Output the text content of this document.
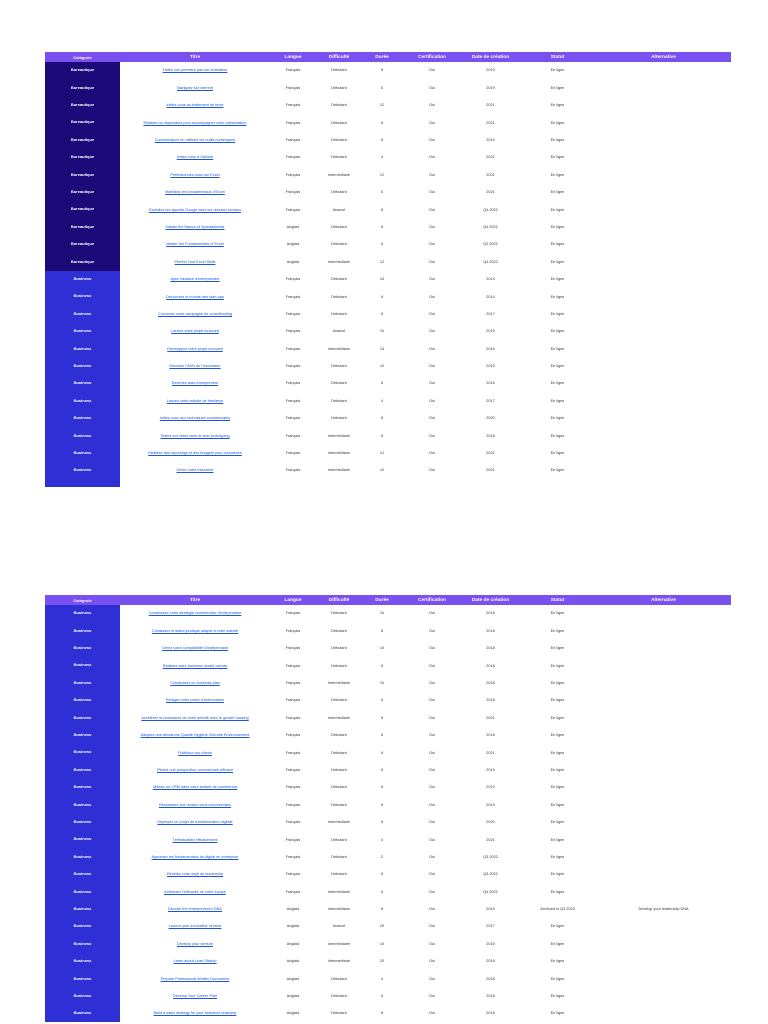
Catégorie	Titre	Langue	Difficulté	Durée	Certification	Date de création	Statut	Alternative
Bureautique	Faites vos premiers pas sur ordinateur	Français	Débutant	6	Oui	2019	En ligne
Bureautique	Naviguez sur Internet	Français	Débutant	6	Oui	2019	En ligne
Bureautique	Initiez-vous au traitement de texte	Français	Débutant	12	Oui	2021	En ligne
Bureautique	Réalisez un diaporama pour accompagner votre présentation	Français	Débutant	6	Oui	2021	En ligne
Bureautique	Communiquez en utilisant les outils numériques	Français	Débutant	8	Oui	2019	En ligne
Bureautique	Initiez-vous à Outlook	Français	Débutant	4	Oui	2021	En ligne
Bureautique	Perfectionnez-vous sur Excel	Français	Intermédiaire	12	Oui	2021	En ligne
Bureautique	Maîtrisez les fondamentaux d'Excel	Français	Débutant	6	Oui	2021	En ligne
Bureautique	Exploitez les apports Google avec les réseaux sociaux	Français	Avancé	8	Oui	Q4 2022	En ligne
Bureautique	Master the Basics of Spreadsheets	Anglais	Débutant	8	Oui	Q4 2022	En ligne
Bureautique	Master the Fundamentals of Excel	Anglais	Débutant	6	Oui	Q2 2022	En ligne
Bureautique	Perfect Your Excel Skills	Anglais	Intermédiaire	12	Oui	Q4 2022	En ligne
Business	Ayez l'audace d'entreprendre	Français	Débutant	10	Oui	2014	En ligne
Business	Découvrez le monde des start-ups	Français	Débutant	6	Oui	2014	En ligne
Business	Concevez votre campagne de crowdfunding	Français	Débutant	6	Oui	2017	En ligne
Business	Lancez votre projet innovant	Français	Avancé	10	Oui	2015	En ligne
Business	Développez votre projet innovant	Français	Intermédiaire	15	Oui	2016	En ligne
Business	Décodez l'ADN de l'innovateur	Français	Débutant	10	Oui	2015	En ligne
Business	Devenez auto-entrepreneur	Français	Débutant	6	Oui	2016	En ligne
Business	Lancez votre activité de freelance	Français	Débutant	4	Oui	2017	En ligne
Business	Initiez-vous aux techniques commerciales	Français	Débutant	8	Oui	2020	En ligne
Business	Testez vos idées avec le lean prototyping	Français	Intermédiaire	8	Oui	2018	En ligne
Business	Réalisez des reportings et des budgets pour convaincre	Français	Intermédiaire	12	Oui	2021	En ligne
Business	Gérez votre trésorerie	Français	Intermédiaire	10	Oui	2021	En ligne
Catégorie	Titre	Langue	Difficulté	Durée	Certification	Date de création	Statut	Alternative
Business	Construisez votre stratégie commerciale d'indépendant	Français	Débutant	10	Oui	2018	En ligne
Business	Choisissez le statut juridique adapté à votre activité	Français	Débutant	8	Oui	2018	En ligne
Business	Gérez votre comptabilité d'indépendant	Français	Débutant	10	Oui	2018	En ligne
Business	Réalisez votre business model canvas	Français	Débutant	6	Oui	2018	En ligne
Business	Construisez un business plan	Français	Intermédiaire	10	Oui	2018	En ligne
Business	Rédigez votre pacte d'actionnaires	Français	Débutant	6	Oui	2018	En ligne
Business	Accélérez la croissance de votre activité avec le growth hacking	Français	Intermédiaire	6	Oui	2021	En ligne
Business	Adoptez une démarche Qualité Hygiène Sécurité Environnement	Français	Débutant	6	Oui	2018	En ligne
Business	Fidélisez vos clients	Français	Débutant	6	Oui	2021	En ligne
Business	Pilotez une prospection commerciale efficace	Français	Débutant	6	Oui	2019	En ligne
Business	Utilisez un CRM dans votre activité de commercial	Français	Débutant	6	Oui	2019	En ligne
Business	Réussissez vos rendez-vous commerciaux	Français	Débutant	6	Oui	2019	En ligne
Business	Déployez un projet de transformation digitale	Français	Intermédiaire	8	Oui	2020	En ligne
Business	Télétravaillez efficacement	Français	Débutant	4	Oui	2021	En ligne
Business	Apprenez les fondamentaux du digital en entreprise	Français	Débutant	2	Oui	Q3 2022	En ligne
Business	Révélez votre style de leadership	Français	Débutant	6	Oui	Q3 2022	En ligne
Business	Améliorez l'efficacité de votre équipe	Français	Intermédiaire	6	Oui	Q4 2022	En ligne
Business	Decode the entrepreneur's DNA	Anglais	Intermédiaire	8	Oui	2015	Archived in Q3 2023	Develop your leadership DNA
Business	Launch your innovative venture	Anglais	Avancé	20	Oui	2017	En ligne
Business	Develop your venture	Anglais	Intermédiaire	10	Oui	2015	En ligne
Business	Learn about Lean Startup	Anglais	Intermédiaire	20	Oui	2018	En ligne
Business	Prepare Professional Written Documents	Anglais	Débutant	4	Oui	2018	En ligne
Business	Develop Your Career Plan	Anglais	Débutant	6	Oui	2018	En ligne
Business	Build a sales strategy for your freelance business	Anglais	Débutant	8	Oui	2018	En ligne
